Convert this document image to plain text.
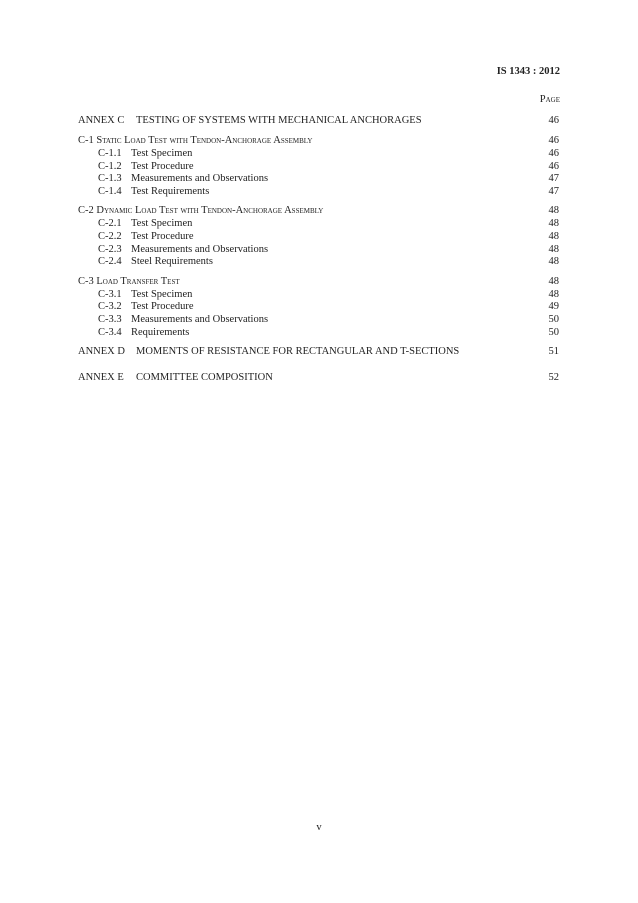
IS 1343 : 2012
Page
ANNEX C TESTING OF SYSTEMS WITH MECHANICAL ANCHORAGES	46
C-1 Static Load Test with Tendon-Anchorage Assembly	46
C-1.1 Test Specimen	46
C-1.2 Test Procedure	46
C-1.3 Measurements and Observations	47
C-1.4 Test Requirements	47
C-2 Dynamic Load Test with Tendon-Anchorage Assembly	48
C-2.1 Test Specimen	48
C-2.2 Test Procedure	48
C-2.3 Measurements and Observations	48
C-2.4 Steel Requirements	48
C-3 Load Transfer Test	48
C-3.1 Test Specimen	48
C-3.2 Test Procedure	49
C-3.3 Measurements and Observations	50
C-3.4 Requirements	50
ANNEX D MOMENTS OF RESISTANCE FOR RECTANGULAR AND T-SECTIONS	51
ANNEX E COMMITTEE COMPOSITION	52
v
